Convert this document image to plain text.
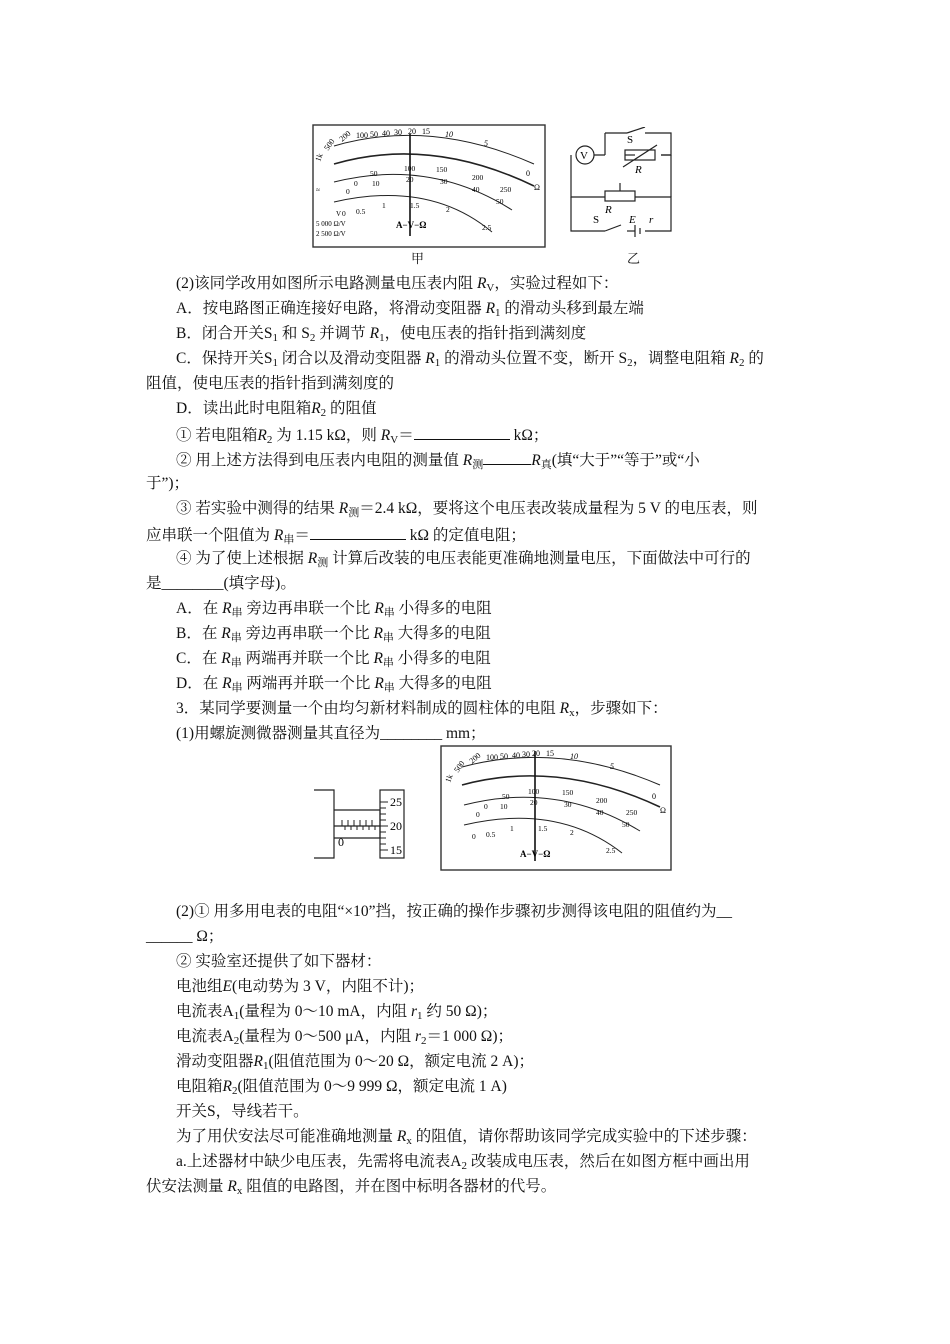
1k
500
200 100 50 40 30 20 15 10
5
0
Ω
0
50
100	150
200
250
0
10	20	30
40
50
0 0.5
1	1.5	2
2.5
A−V−Ω
5 000 Ω/V
2 500 Ω/V
≈
V
甲
V
S
R
R
S	E r
乙
(2)该同学改用如图所示电路测量电压表内阻 $R_V$，实验过程如下：
A．按电路图正确连接好电路，将滑动变阻器 $R_1$ 的滑动头移到最左端
B．闭合开关$S_1$ 和 $S_2$ 并调节 $R_1$，使电压表的指针指到满刻度
C．保持开关$S_1$ 闭合以及滑动变阻器 $R_1$ 的滑动头位置不变，断开 $S_2$，调整电阻箱 $R_2$ 的
阻值，使电压表的指针指到满刻度的
D．读出此时电阻箱$R_2$ 的阻值
① 若电阻箱$R_2$ 为 1.15 kΩ，则 $R_V=$	kΩ；
② 用上述方法得到电压表内电阻的测量值 $R_测$	$R_真$(填“大于”“等于”或“小
于”)；
③ 若实验中测得的结果 $R_测=2.4$ kΩ，要将这个电压表改装成量程为 5 V 的电压表，则
应串联一个阻值为 $R_串=$	kΩ 的定值电阻；
④ 为了使上述根据 $R_测$ 计算后改装的电压表能更准确地测量电压，下面做法中可行的
是________(填字母)。
A．在 $R_串$ 旁边再串联一个比 $R_串$ 小得多的电阻
B．在 $R_串$ 旁边再串联一个比 $R_串$ 大得多的电阻
C．在 $R_串$ 两端再并联一个比 $R_串$ 小得多的电阻
D．在 $R_串$ 两端再并联一个比 $R_串$ 大得多的电阻
3．某同学要测量一个由均匀新材料制成的圆柱体的电阻 $R_x$，步骤如下：
(1)用螺旋测微器测量其直径为________ mm；
25
20
15
0
1k
500
200 100 50 40 30 20 15 10
5
0
Ω
0
50
100	150
200
250
0
10	20	30
40
50
0 0.5
1	1.5	2
2.5
A−V−Ω
(2)① 用多用电表的电阻“×10”挡，按正确的操作步骤初步测得该电阻的阻值约为__
______ Ω；
② 实验室还提供了如下器材：
电池组E(电动势为 3 V，内阻不计)；
电流表$A_1$(量程为 0～10 mA，内阻 $r_1$ 约 50 Ω)；
电流表$A_2$(量程为 0～500 μA，内阻 $r_2=1$ 000 Ω)；
滑动变阻器$R_1$(阻值范围为 0～20 Ω，额定电流 2 A)；
电阻箱$R_2$(阻值范围为 0～9 999 Ω，额定电流 1 A)
开关S，导线若干。
为了用伏安法尽可能准确地测量 $R_x$ 的阻值，请你帮助该同学完成实验中的下述步骤：
a.上述器材中缺少电压表，先需将电流表$A_2$ 改装成电压表，然后在如图方框中画出用
伏安法测量 $R_x$ 阻值的电路图，并在图中标明各器材的代号。
